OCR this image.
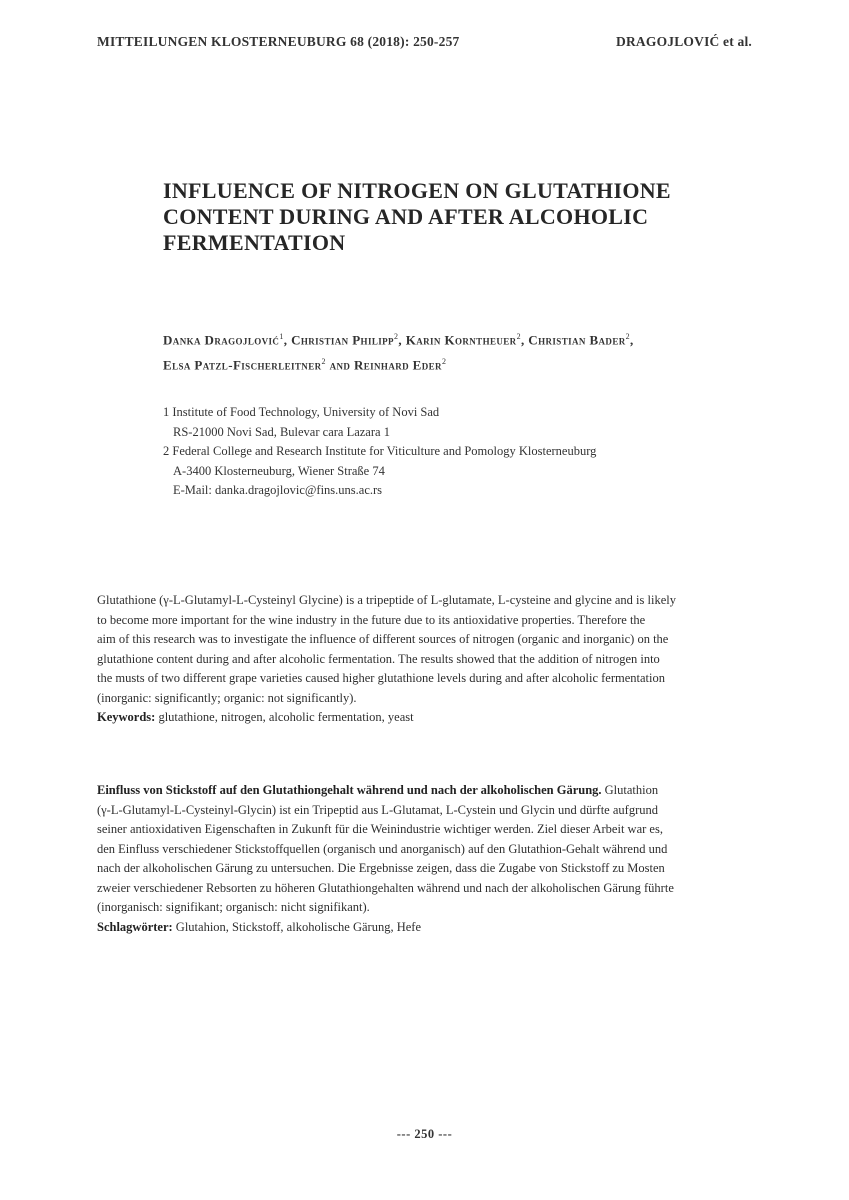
MITTEILUNGEN KLOSTERNEUBURG 68 (2018): 250-257	DRAGOJLOVIĆ et al.
INFLUENCE OF NITROGEN ON GLUTATHIONE
CONTENT DURING AND AFTER ALCOHOLIC
FERMENTATION
Danka Dragojlović$^1$, Christian Philipp$^2$, Karin Korntheuer$^2$, Christian Bader$^2$,
Elsa Patzl-Fischerleitner$^2$ and Reinhard Eder$^2$
1 Institute of Food Technology, University of Novi Sad
RS-21000 Novi Sad, Bulevar cara Lazara 1
2 Federal College and Research Institute for Viticulture and Pomology Klosterneuburg
A-3400 Klosterneuburg, Wiener Straße 74
E-Mail: danka.dragojlovic@fins.uns.ac.rs
Glutathione (γ-L-Glutamyl-L-Cysteinyl Glycine) is a tripeptide of L-glutamate, L-cysteine and glycine and is likely
to become more important for the wine industry in the future due to its antioxidative properties. Therefore the
aim of this research was to investigate the influence of different sources of nitrogen (organic and inorganic) on the
glutathione content during and after alcoholic fermentation. The results showed that the addition of nitrogen into
the musts of two different grape varieties caused higher glutathione levels during and after alcoholic fermentation
(inorganic: significantly; organic: not significantly).
Keywords: glutathione, nitrogen, alcoholic fermentation, yeast
Einfluss von Stickstoff auf den Glutathiongehalt während und nach der alkoholischen Gärung. Glutathion
(γ-L-Glutamyl-L-Cysteinyl-Glycin) ist ein Tripeptid aus L-Glutamat, L-Cystein und Glycin und dürfte aufgrund
seiner antioxidativen Eigenschaften in Zukunft für die Weinindustrie wichtiger werden. Ziel dieser Arbeit war es,
den Einfluss verschiedener Stickstoffquellen (organisch und anorganisch) auf den Glutathion-Gehalt während und
nach der alkoholischen Gärung zu untersuchen. Die Ergebnisse zeigen, dass die Zugabe von Stickstoff zu Mosten
zweier verschiedener Rebsorten zu höheren Glutathiongehalten während und nach der alkoholischen Gärung führte
(inorganisch: signifikant; organisch: nicht signifikant).
Schlagwörter: Glutahion, Stickstoff, alkoholische Gärung, Hefe
--- 250 ---
